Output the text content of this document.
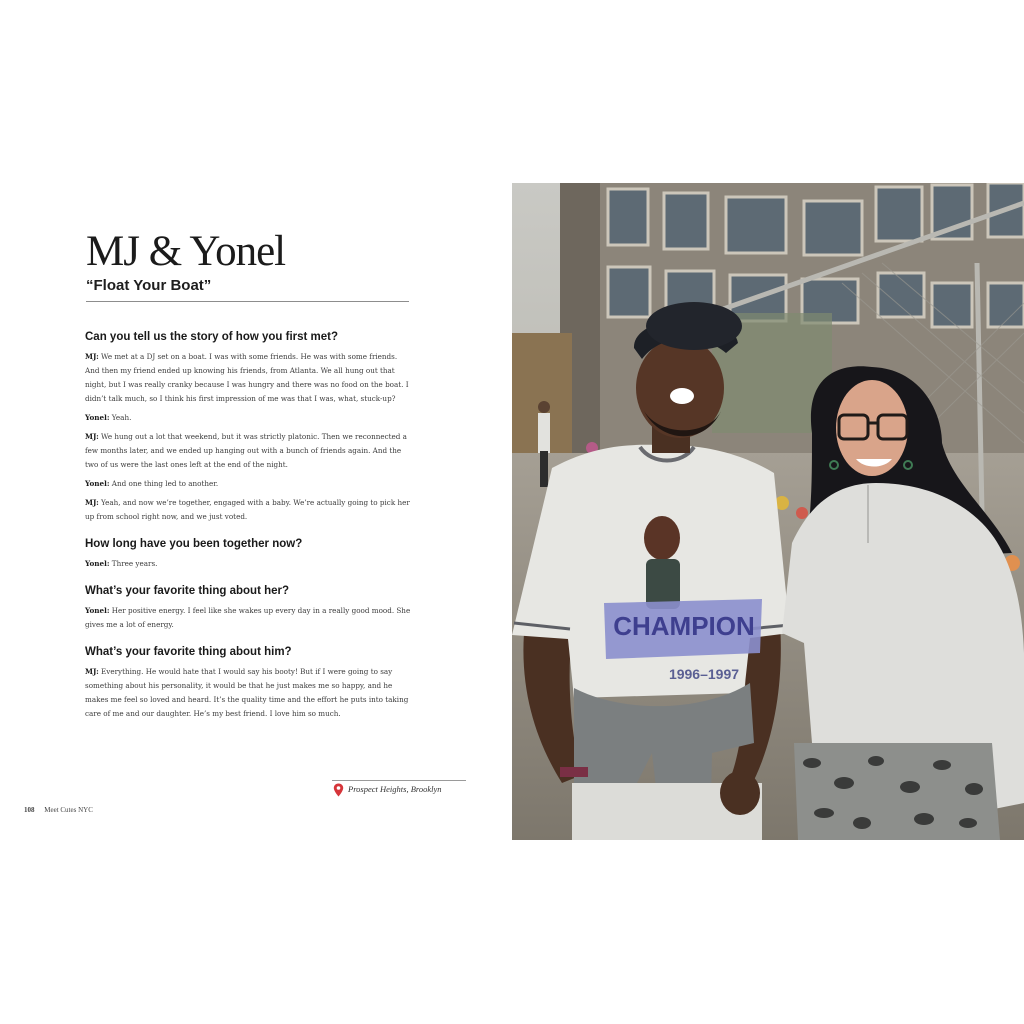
MJ & Yonel
“Float Your Boat”

Can you tell us the story of how you first met?

MJ: We met at a DJ set on a boat. I was with some friends. He was with some friends. And then my friend ended up knowing his friends, from Atlanta. We all hung out that night, but I was really cranky because I was hungry and there was no food on the boat. I didn’t talk much, so I think his first impression of me was that I was, what, stuck-up?

Yonel: Yeah.

MJ: We hung out a lot that weekend, but it was strictly platonic. Then we reconnected a few months later, and we ended up hanging out with a bunch of friends again. And the two of us were the last ones left at the end of the night.

Yonel: And one thing led to another.

MJ: Yeah, and now we’re together, engaged with a baby. We’re actually going to pick her up from school right now, and we just voted.

How long have you been together now?

Yonel: Three years.

What’s your favorite thing about her?

Yonel: Her positive energy. I feel like she wakes up every day in a really good mood. She gives me a lot of energy.

What’s your favorite thing about him?

MJ: Everything. He would hate that I would say his booty! But if I were going to say something about his personality, it would be that he just makes me so happy, and he makes me feel so loved and heard. It’s the quality time and the effort he puts into taking care of me and our daughter. He’s my best friend. I love him so much.

Prospect Heights, Brooklyn
108 Meet Cutes NYC
CHAMPION
1996–1997
